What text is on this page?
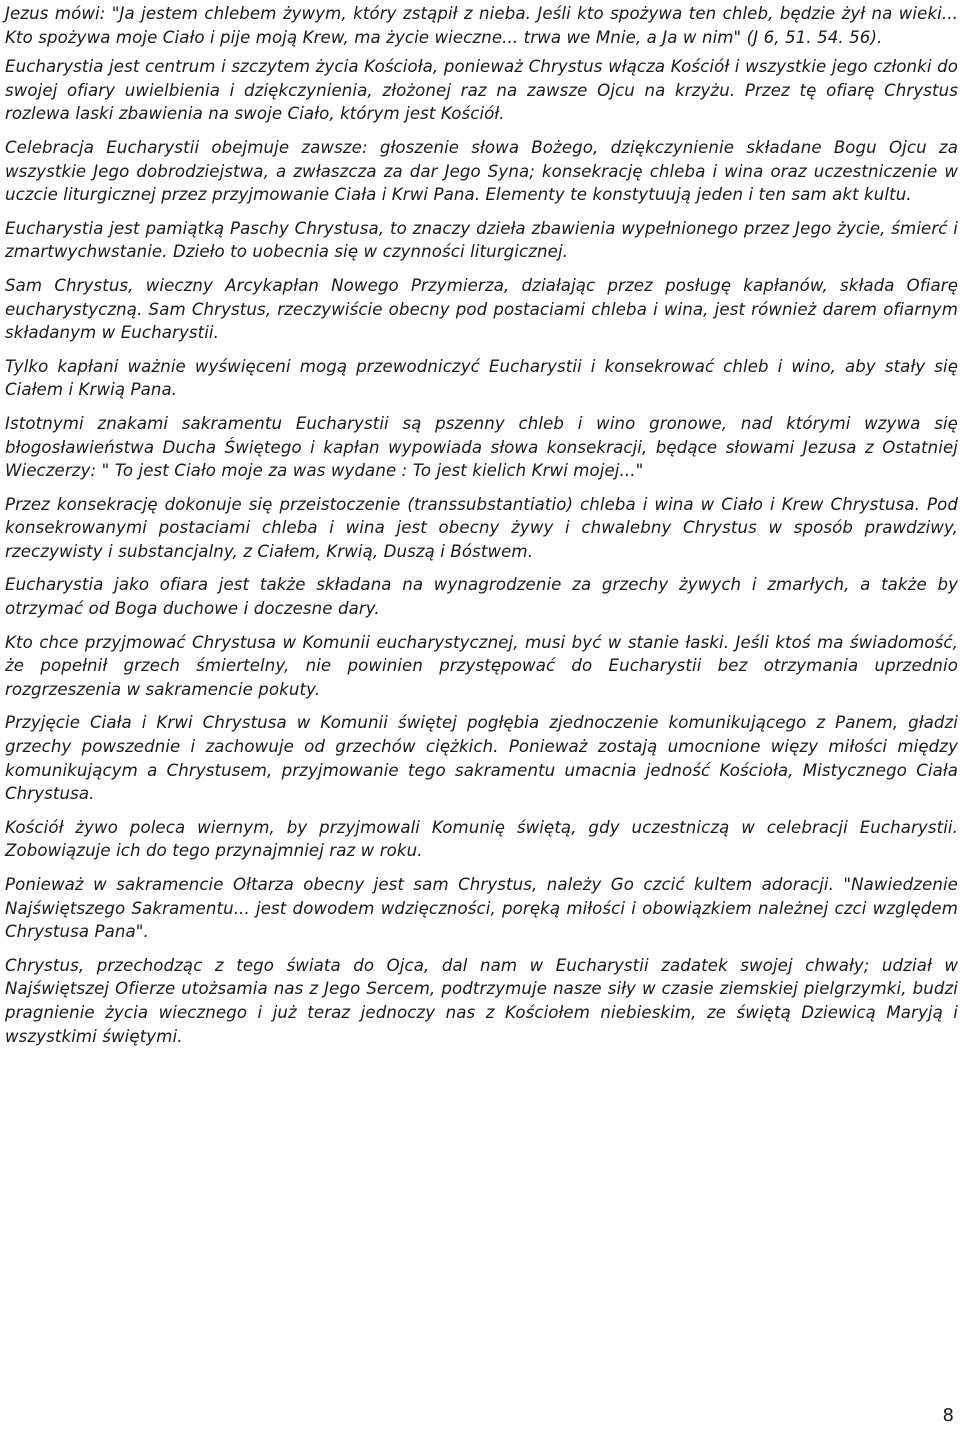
Jezus mówi: "Ja jestem chlebem żywym, który zstąpił z nieba. Jeśli kto spożywa ten chleb, będzie żył na wieki... Kto spożywa moje Ciało i pije moją Krew, ma życie wieczne... trwa we Mnie, a Ja w nim" (J 6, 51. 54. 56).

Eucharystia jest centrum i szczytem życia Kościoła, ponieważ Chrystus włącza Kościół i wszystkie jego członki do swojej ofiary uwielbienia i dziękczynienia, złożonej raz na zawsze Ojcu na krzyżu. Przez tę ofiarę Chrystus rozlewa laski zbawienia na swoje Ciało, którym jest Kościół.

Celebracja Eucharystii obejmuje zawsze: głoszenie słowa Bożego, dziękczynienie składane Bogu Ojcu za wszystkie Jego dobrodziejstwa, a zwłaszcza za dar Jego Syna; konsekrację chleba i wina oraz uczestniczenie w uczcie liturgicznej przez przyjmowanie Ciała i Krwi Pana. Elementy te konstytuują jeden i ten sam akt kultu.

Eucharystia jest pamiątką Paschy Chrystusa, to znaczy dzieła zbawienia wypełnionego przez Jego życie, śmierć i zmartwychwstanie. Dzieło to uobecnia się w czynności liturgicznej.

Sam Chrystus, wieczny Arcykapłan Nowego Przymierza, działając przez posługę kapłanów, składa Ofiarę eucharystyczną. Sam Chrystus, rzeczywiście obecny pod postaciami chleba i wina, jest również darem ofiarnym składanym w Eucharystii.

Tylko kapłani ważnie wyświęceni mogą przewodniczyć Eucharystii i konsekrować chleb i wino, aby stały się Ciałem i Krwią Pana.

Istotnymi znakami sakramentu Eucharystii są pszenny chleb i wino gronowe, nad którymi wzywa się błogosławieństwa Ducha Świętego i kapłan wypowiada słowa konsekracji, będące słowami Jezusa z Ostatniej Wieczerzy: " To jest Ciało moje za was wydane : To jest kielich Krwi mojej..."

Przez konsekrację dokonuje się przeistoczenie (transsubstantiatio) chleba i wina w Ciało i Krew Chrystusa. Pod konsekrowanymi postaciami chleba i wina jest obecny żywy i chwalebny Chrystus w sposób prawdziwy, rzeczywisty i substancjalny, z Ciałem, Krwią, Duszą i Bóstwem.

Eucharystia jako ofiara jest także składana na wynagrodzenie za grzechy żywych i zmarłych, a także by otrzymać od Boga duchowe i doczesne dary.

Kto chce przyjmować Chrystusa w Komunii eucharystycznej, musi być w stanie łaski. Jeśli ktoś ma świadomość, że popełnił grzech śmiertelny, nie powinien przystępować do Eucharystii bez otrzymania uprzednio rozgrzeszenia w sakramencie pokuty.

Przyjęcie Ciała i Krwi Chrystusa w Komunii świętej pogłębia zjednoczenie komunikującego z Panem, gładzi grzechy powszednie i zachowuje od grzechów ciężkich. Ponieważ zostają umocnione więzy miłości między komunikującym a Chrystusem, przyjmowanie tego sakramentu umacnia jedność Kościoła, Mistycznego Ciała Chrystusa.

Kościół żywo poleca wiernym, by przyjmowali Komunię świętą, gdy uczestniczą w celebracji Eucharystii. Zobowiązuje ich do tego przynajmniej raz w roku.

Ponieważ w sakramencie Ołtarza obecny jest sam Chrystus, należy Go czcić kultem adoracji. "Nawiedzenie Najświętszego Sakramentu... jest dowodem wdzięczności, poręką miłości i obowiązkiem należnej czci względem Chrystusa Pana".

Chrystus, przechodząc z tego świata do Ojca, dal nam w Eucharystii zadatek swojej chwały; udział w Najświętszej Ofierze utożsamia nas z Jego Sercem, podtrzymuje nasze siły w czasie ziemskiej pielgrzymki, budzi pragnienie życia wiecznego i już teraz jednoczy nas z Kościołem niebieskim, ze świętą Dziewicą Maryją i wszystkimi świętymi.

8
